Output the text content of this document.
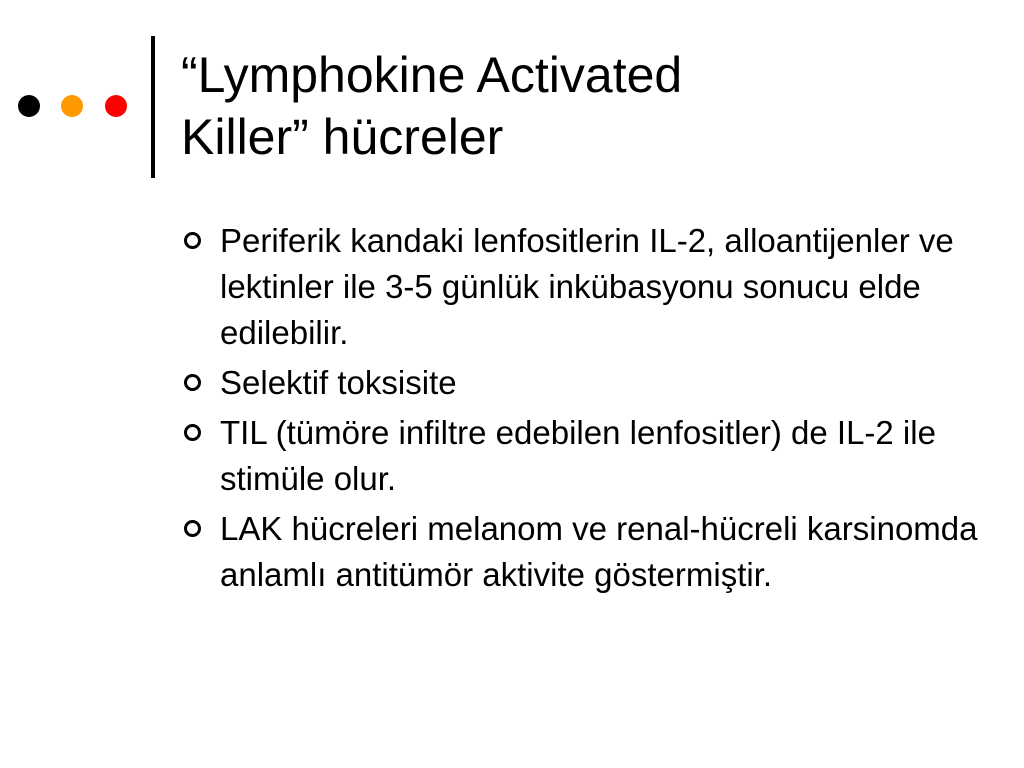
“Lymphokine Activated
Killer” hücreler
Periferik kandaki lenfositlerin IL-2, alloantijenler ve lektinler ile 3-5 günlük inkübasyonu sonucu elde edilebilir.
Selektif toksisite
TIL (tümöre infiltre edebilen lenfositler) de IL-2 ile stimüle olur.
LAK hücreleri melanom ve renal-hücreli karsinomda anlamlı antitümör aktivite göstermiştir.
